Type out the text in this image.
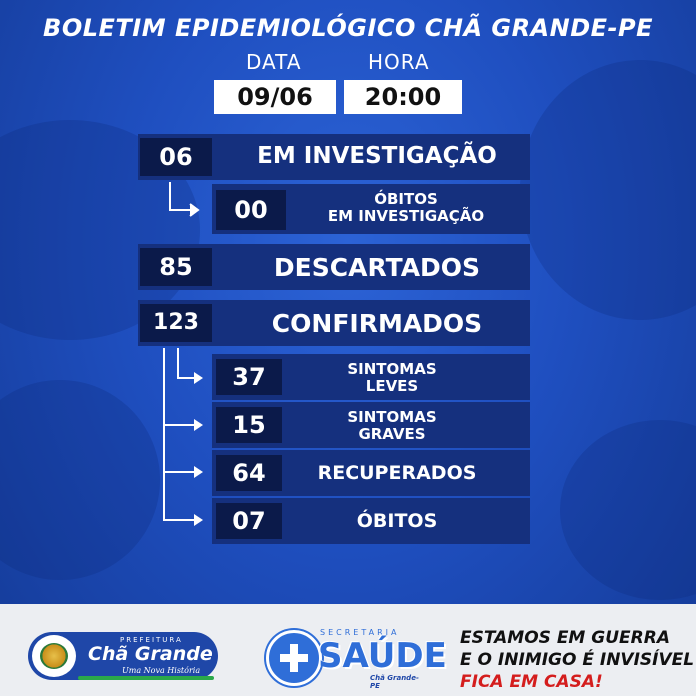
BOLETIM EPIDEMIOLÓGICO CHÃ GRANDE-PE
DATA	HORA
09/06	20:00
06	EM INVESTIGAÇÃO
00	ÓBITOS
EM INVESTIGAÇÃO
85	DESCARTADOS
123	CONFIRMADOS
37	SINTOMAS
LEVES
15	SINTOMAS
GRAVES
64	RECUPERADOS
07	ÓBITOS
PREFEITURA
Chã Grande
Uma Nova História
SECRETARIA
SAÚDE
Chã Grande-PE
ESTAMOS EM GUERRA
E O INIMIGO É INVISÍVEL
FICA EM CASA!
